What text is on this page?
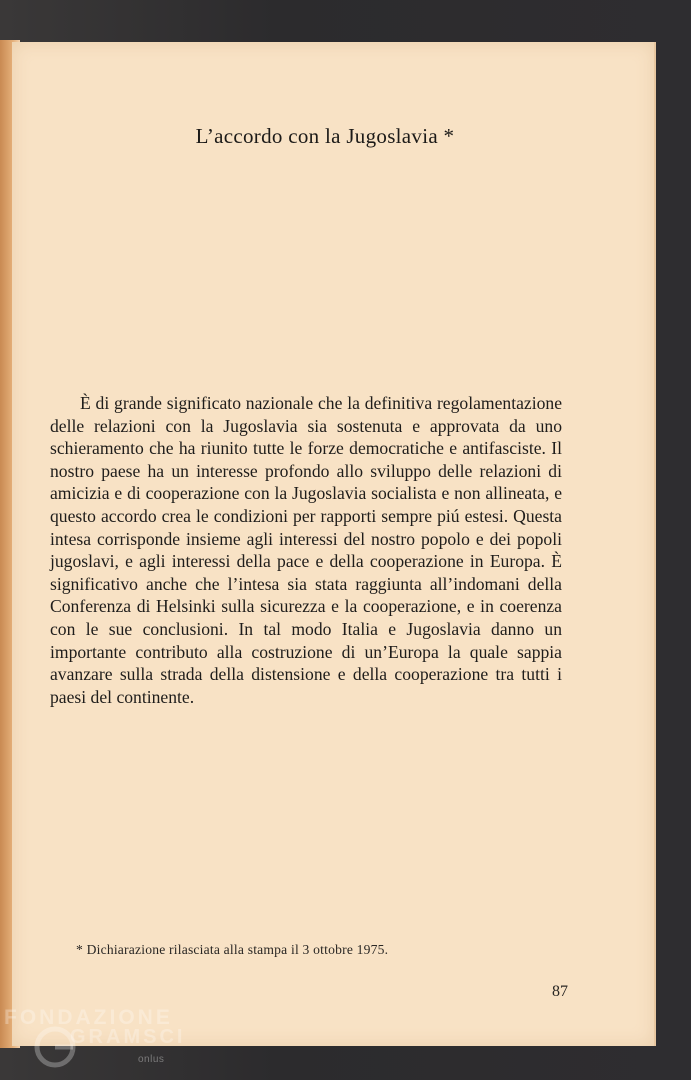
L’accordo con la Jugoslavia *

È di grande significato nazionale che la definitiva regolamentazione delle relazioni con la Jugoslavia sia sostenuta e approvata da uno schieramento che ha riunito tutte le forze democratiche e antifasciste. Il nostro paese ha un interesse profondo allo sviluppo delle relazioni di amicizia e di cooperazione con la Jugoslavia socialista e non allineata, e questo accordo crea le condizioni per rapporti sempre piú estesi. Questa intesa corrisponde insieme agli interessi del nostro popolo e dei popoli jugoslavi, e agli interessi della pace e della cooperazione in Europa. È significativo anche che l’intesa sia stata raggiunta all’indomani della Conferenza di Helsinki sulla sicurezza e la cooperazione, e in coerenza con le sue conclusioni. In tal modo Italia e Jugoslavia danno un importante contributo alla costruzione di un’Europa la quale sappia avanzare sulla strada della distensione e della cooperazione tra tutti i paesi del continente.

* Dichiarazione rilasciata alla stampa il 3 ottobre 1975.
87
FONDAZIONE
GRAMSCI
onlus
